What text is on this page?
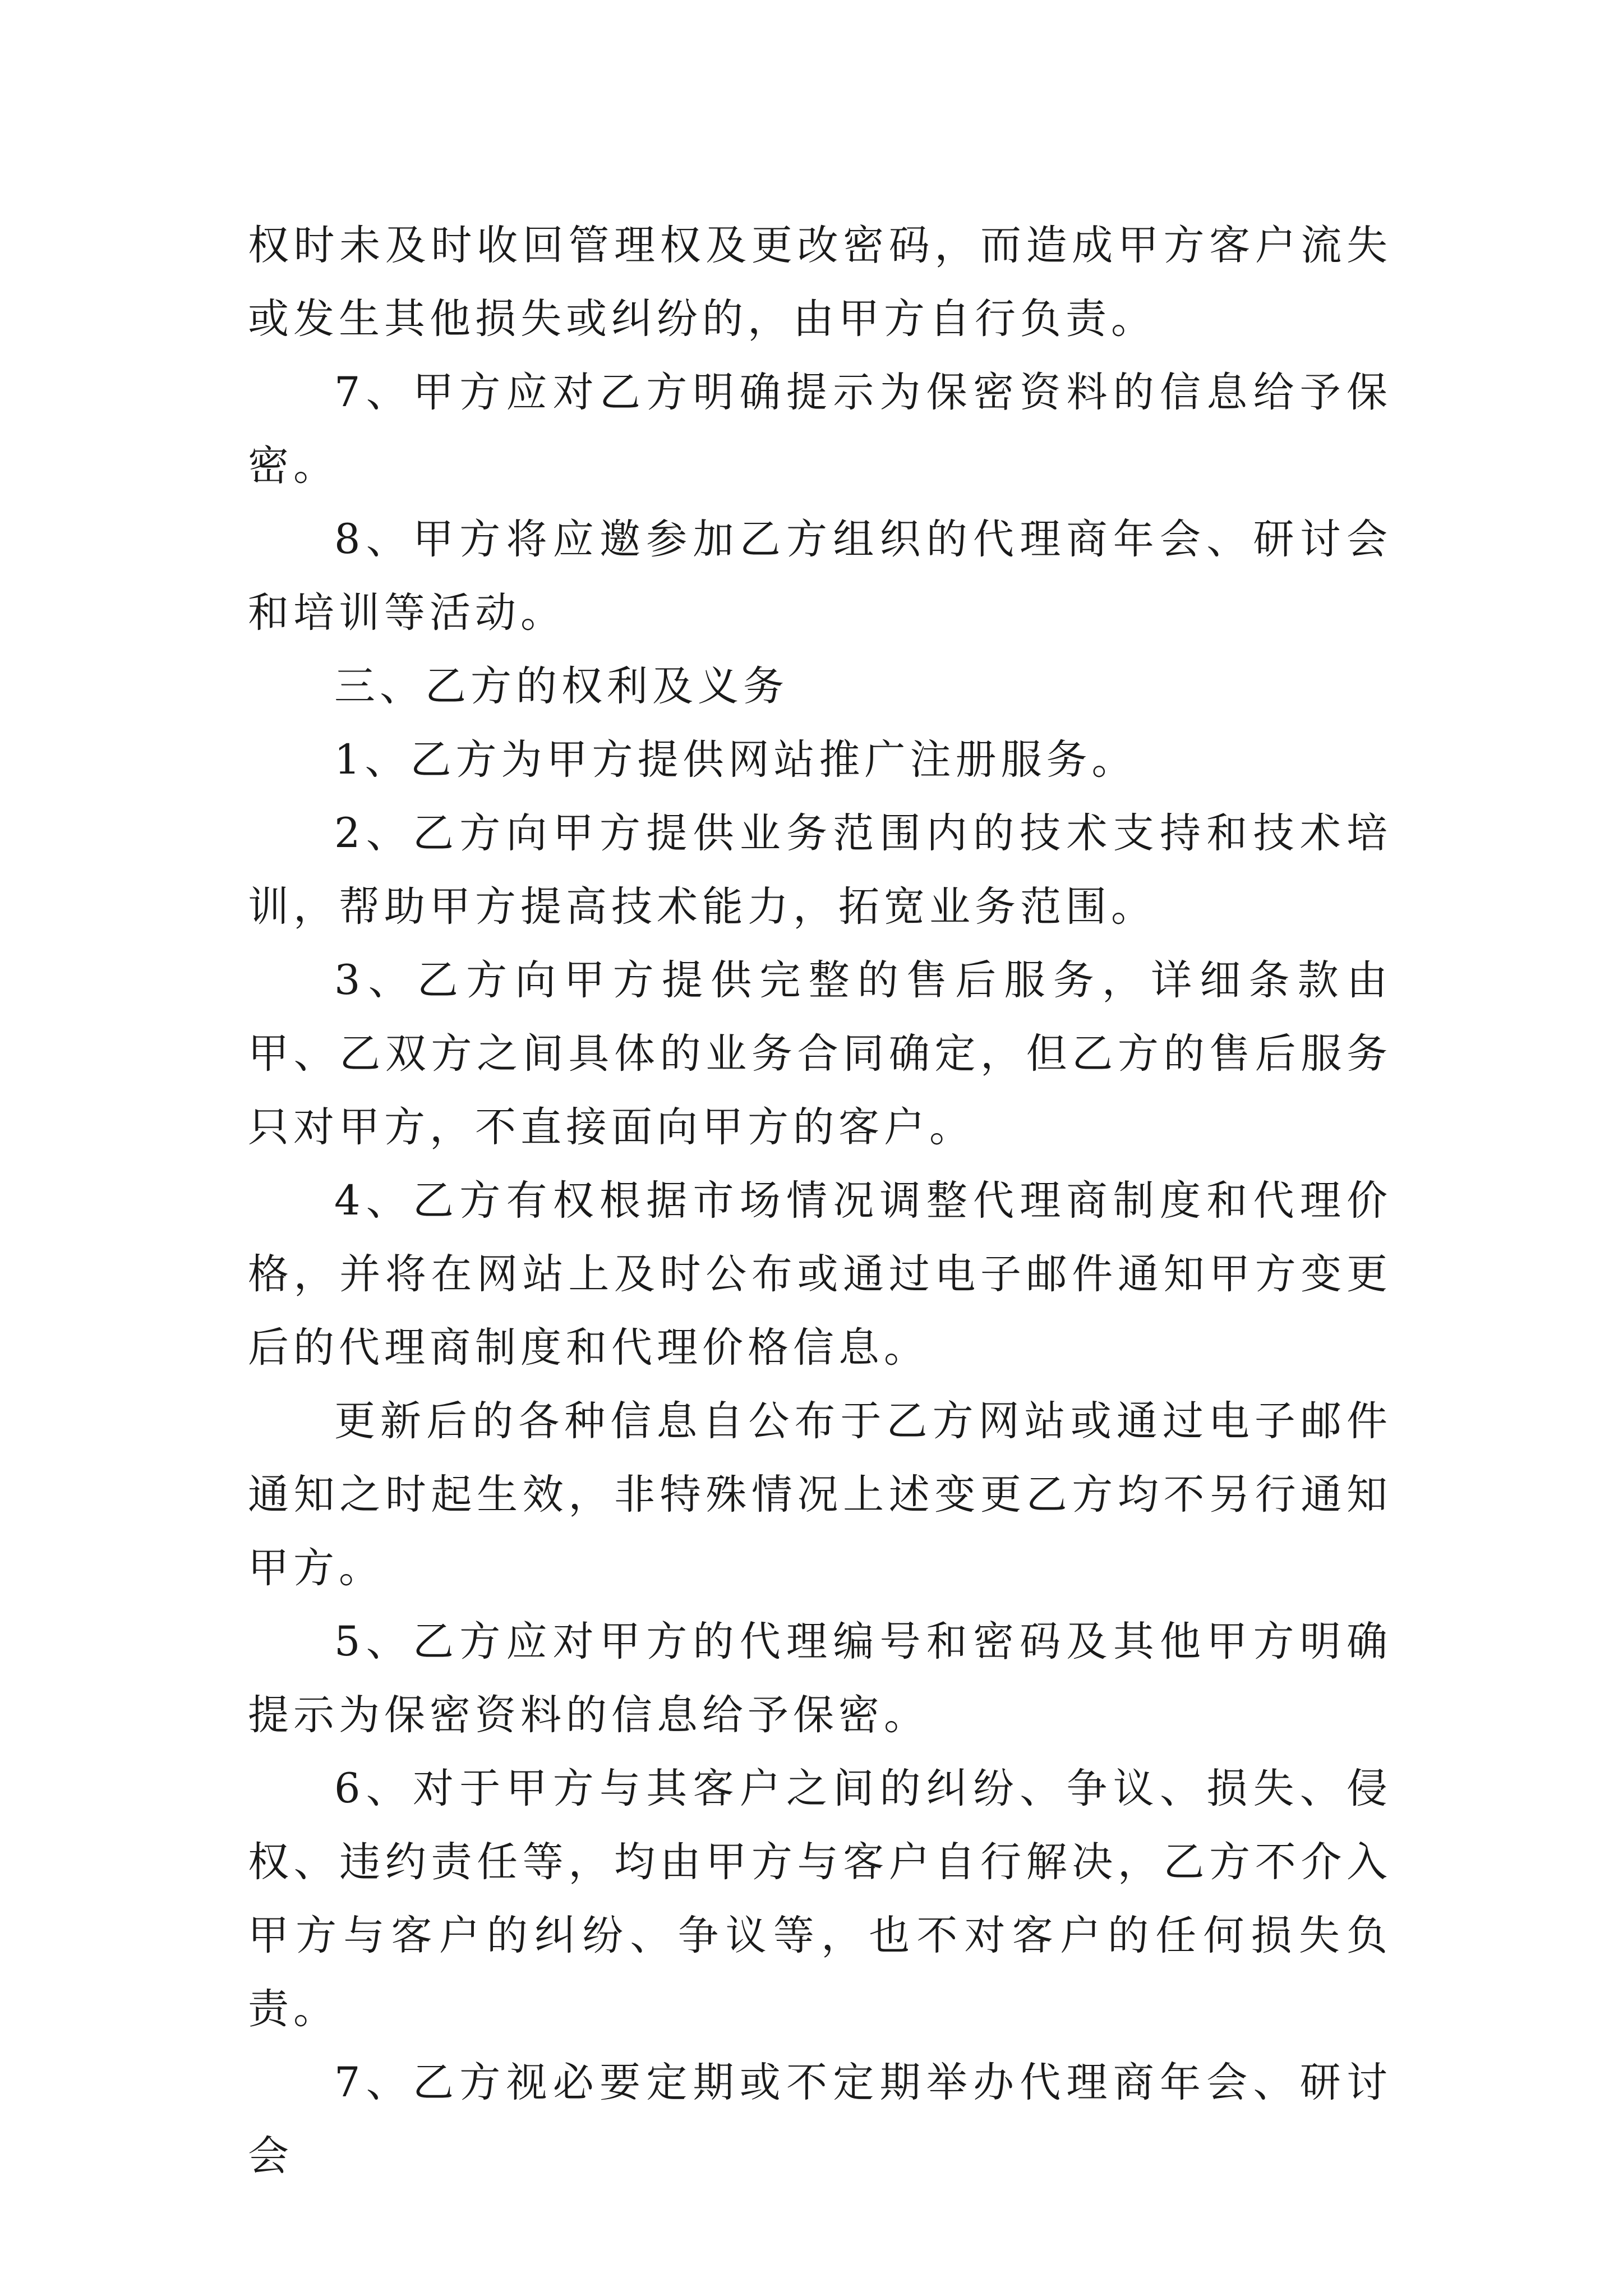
权时未及时收回管理权及更改密码，而造成甲方客户流失或发生其他损失或纠纷的，由甲方自行负责。

7、甲方应对乙方明确提示为保密资料的信息给予保密。

8、甲方将应邀参加乙方组织的代理商年会、研讨会和培训等活动。

三、乙方的权利及义务

1、乙方为甲方提供网站推广注册服务。

2、乙方向甲方提供业务范围内的技术支持和技术培训，帮助甲方提高技术能力，拓宽业务范围。

3、乙方向甲方提供完整的售后服务，详细条款由甲、乙双方之间具体的业务合同确定，但乙方的售后服务只对甲方，不直接面向甲方的客户。

4、乙方有权根据市场情况调整代理商制度和代理价格，并将在网站上及时公布或通过电子邮件通知甲方变更后的代理商制度和代理价格信息。

更新后的各种信息自公布于乙方网站或通过电子邮件通知之时起生效，非特殊情况上述变更乙方均不另行通知甲方。

5、乙方应对甲方的代理编号和密码及其他甲方明确提示为保密资料的信息给予保密。

6、对于甲方与其客户之间的纠纷、争议、损失、侵权、违约责任等，均由甲方与客户自行解决，乙方不介入甲方与客户的纠纷、争议等，也不对客户的任何损失负责。

7、乙方视必要定期或不定期举办代理商年会、研讨会
